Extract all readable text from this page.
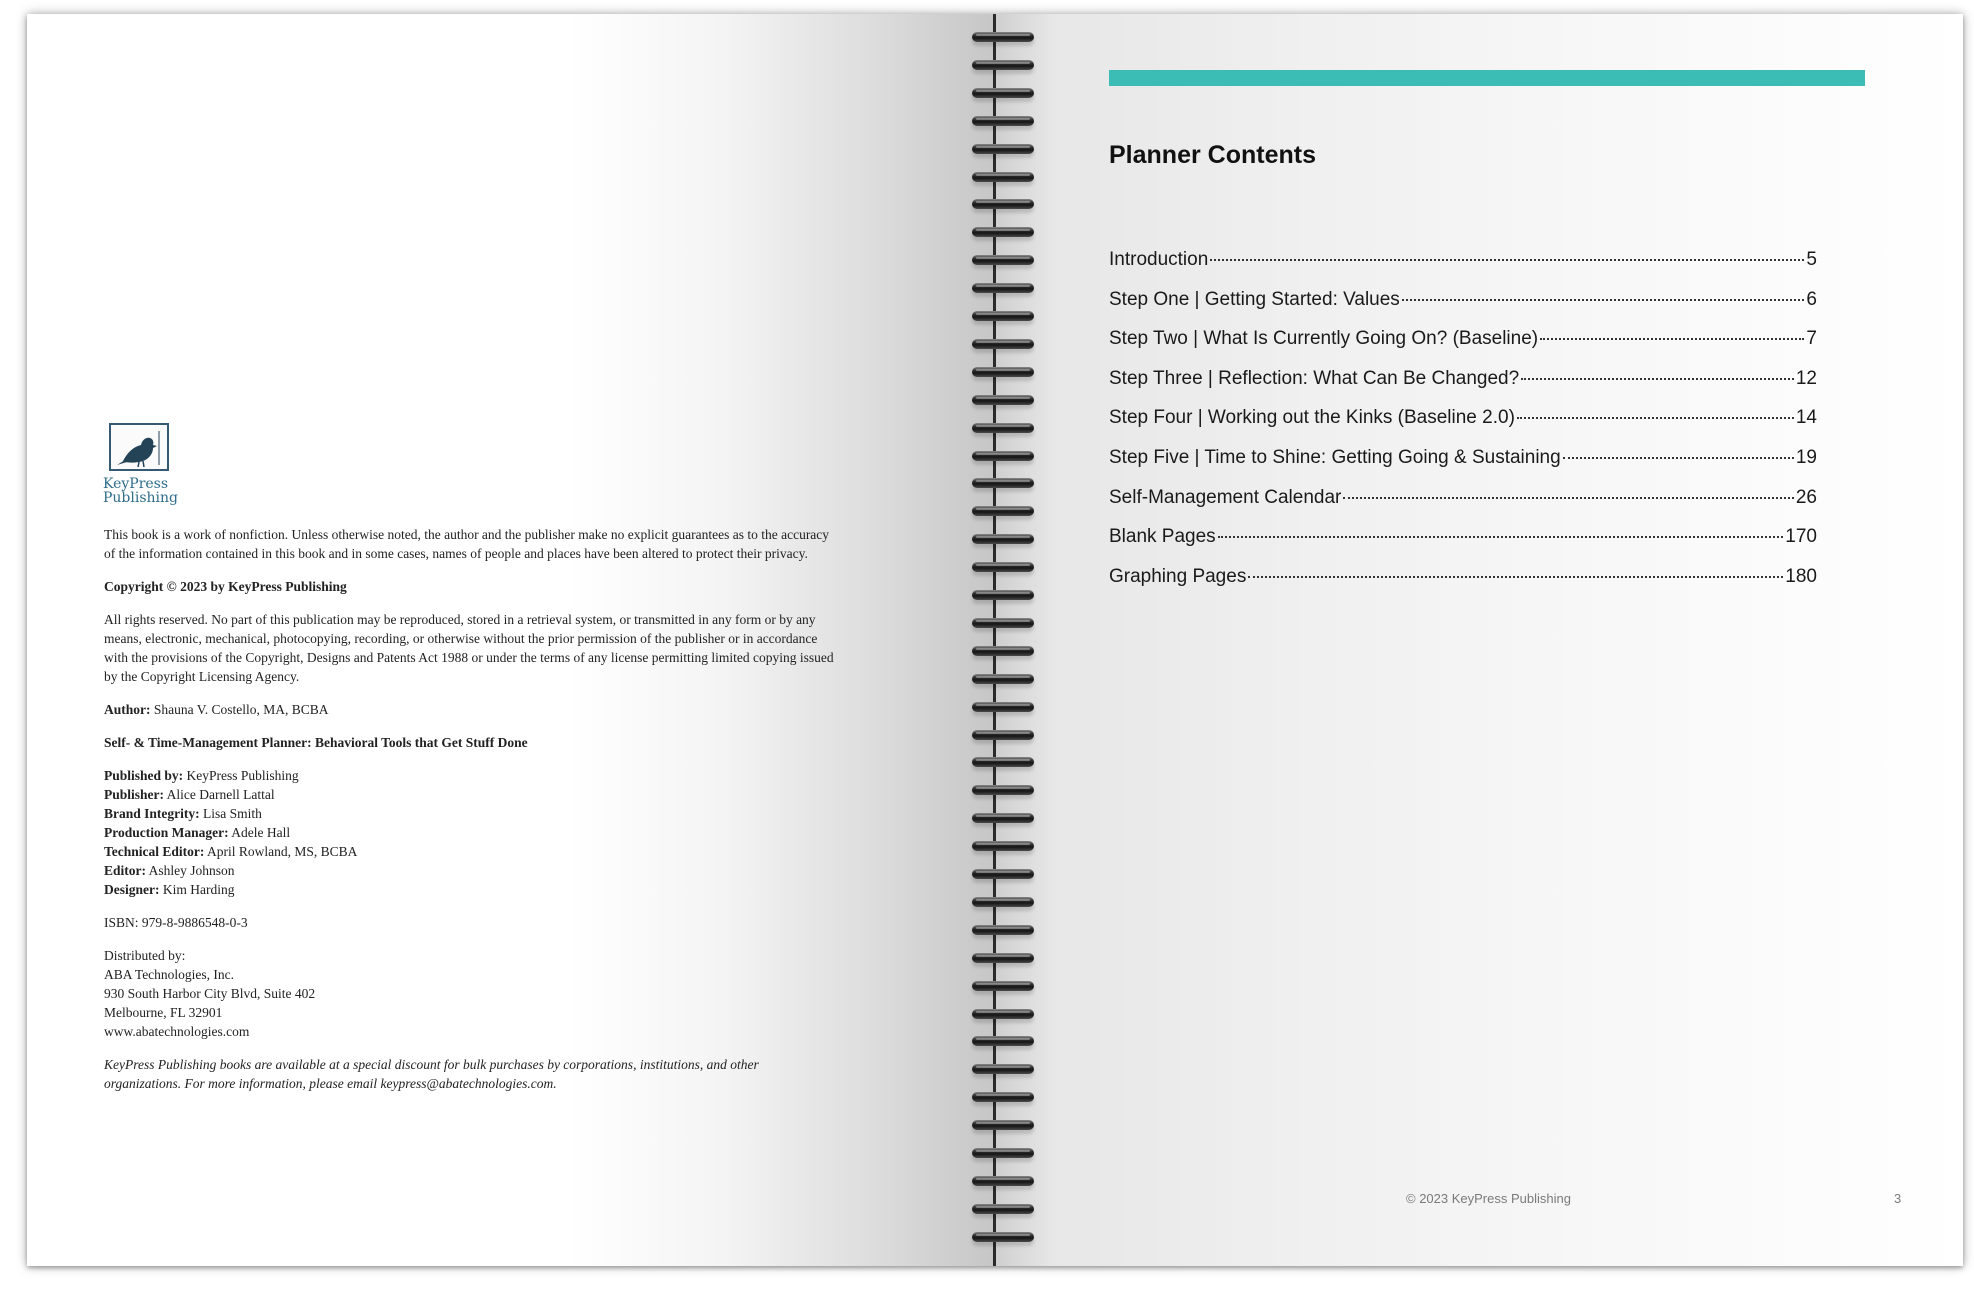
KeyPress
Publishing

This book is a work of nonfiction. Unless otherwise noted, the author and the publisher make no explicit guarantees as to the accuracy of the information contained in this book and in some cases, names of people and places have been altered to protect their privacy.

Copyright © 2023 by KeyPress Publishing

All rights reserved. No part of this publication may be reproduced, stored in a retrieval system, or transmitted in any form or by any means, electronic, mechanical, photocopying, recording, or otherwise without the prior permission of the publisher or in accordance with the provisions of the Copyright, Designs and Patents Act 1988 or under the terms of any license permitting limited copying issued by the Copyright Licensing Agency.

Author: Shauna V. Costello, MA, BCBA

Self- & Time-Management Planner: Behavioral Tools that Get Stuff Done

Published by: KeyPress Publishing
Publisher: Alice Darnell Lattal
Brand Integrity: Lisa Smith
Production Manager: Adele Hall
Technical Editor: April Rowland, MS, BCBA
Editor: Ashley Johnson
Designer: Kim Harding

ISBN: 979-8-9886548-0-3

Distributed by:
ABA Technologies, Inc.
930 South Harbor City Blvd, Suite 402
Melbourne, FL 32901
www.abatechnologies.com

KeyPress Publishing books are available at a special discount for bulk purchases by corporations, institutions, and other organizations. For more information, please email keypress@abatechnologies.com.

Planner Contents
Introduction	5
Step One | Getting Started: Values	6
Step Two | What Is Currently Going On? (Baseline)	7
Step Three | Reflection: What Can Be Changed?	12
Step Four | Working out the Kinks (Baseline 2.0)	14
Step Five | Time to Shine: Getting Going & Sustaining	19
Self-Management Calendar	26
Blank Pages	170
Graphing Pages	180
© 2023 KeyPress Publishing	3
